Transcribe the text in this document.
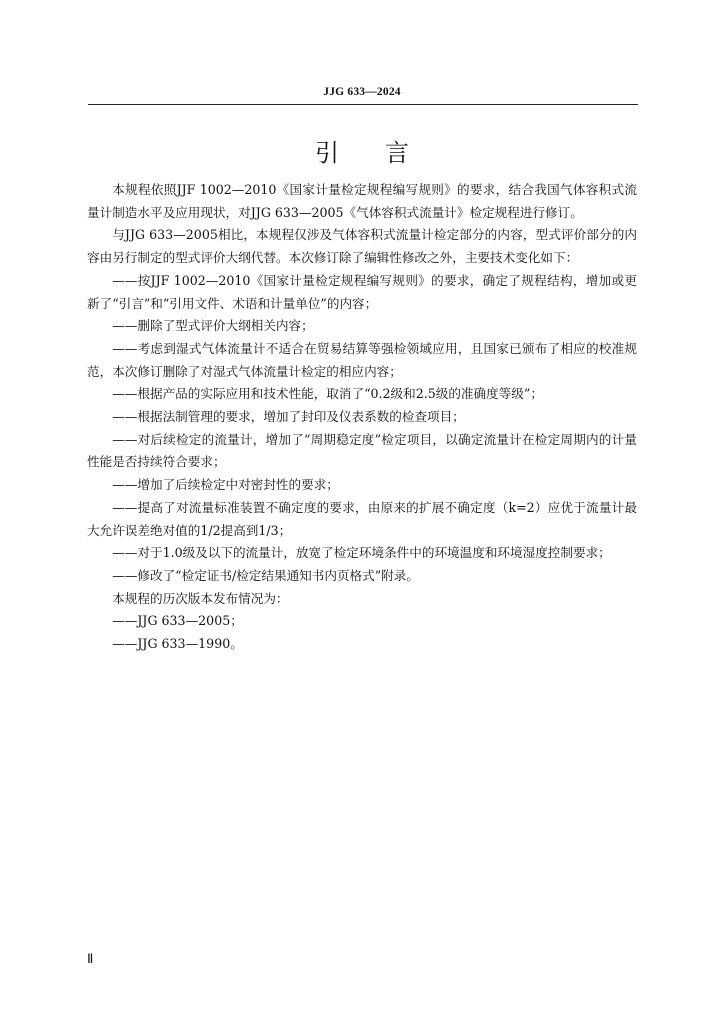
JJG 633—2024
引言

本规程依照JJF 1002—2010《国家计量检定规程编写规则》的要求，结合我国气体容积式流量计制造水平及应用现状，对JJG 633—2005《气体容积式流量计》检定规程进行修订。

与JJG 633—2005相比，本规程仅涉及气体容积式流量计检定部分的内容，型式评价部分的内容由另行制定的型式评价大纲代替。本次修订除了编辑性修改之外，主要技术变化如下：

——按JJF 1002—2010《国家计量检定规程编写规则》的要求，确定了规程结构，增加或更新了“引言”和“引用文件、术语和计量单位”的内容；

——删除了型式评价大纲相关内容；

——考虑到湿式气体流量计不适合在贸易结算等强检领域应用，且国家已颁布了相应的校准规范，本次修订删除了对湿式气体流量计检定的相应内容；

——根据产品的实际应用和技术性能，取消了“0.2级和2.5级的准确度等级”；

——根据法制管理的要求，增加了封印及仪表系数的检查项目；

——对后续检定的流量计，增加了“周期稳定度”检定项目，以确定流量计在检定周期内的计量性能是否持续符合要求；

——增加了后续检定中对密封性的要求；

——提高了对流量标准装置不确定度的要求，由原来的扩展不确定度（k=2）应优于流量计最大允许误差绝对值的1/2提高到1/3；

——对于1.0级及以下的流量计，放宽了检定环境条件中的环境温度和环境湿度控制要求；

——修改了“检定证书/检定结果通知书内页格式”附录。

本规程的历次版本发布情况为：

——JJG 633—2005；

——JJG 633—1990。

Ⅱ
